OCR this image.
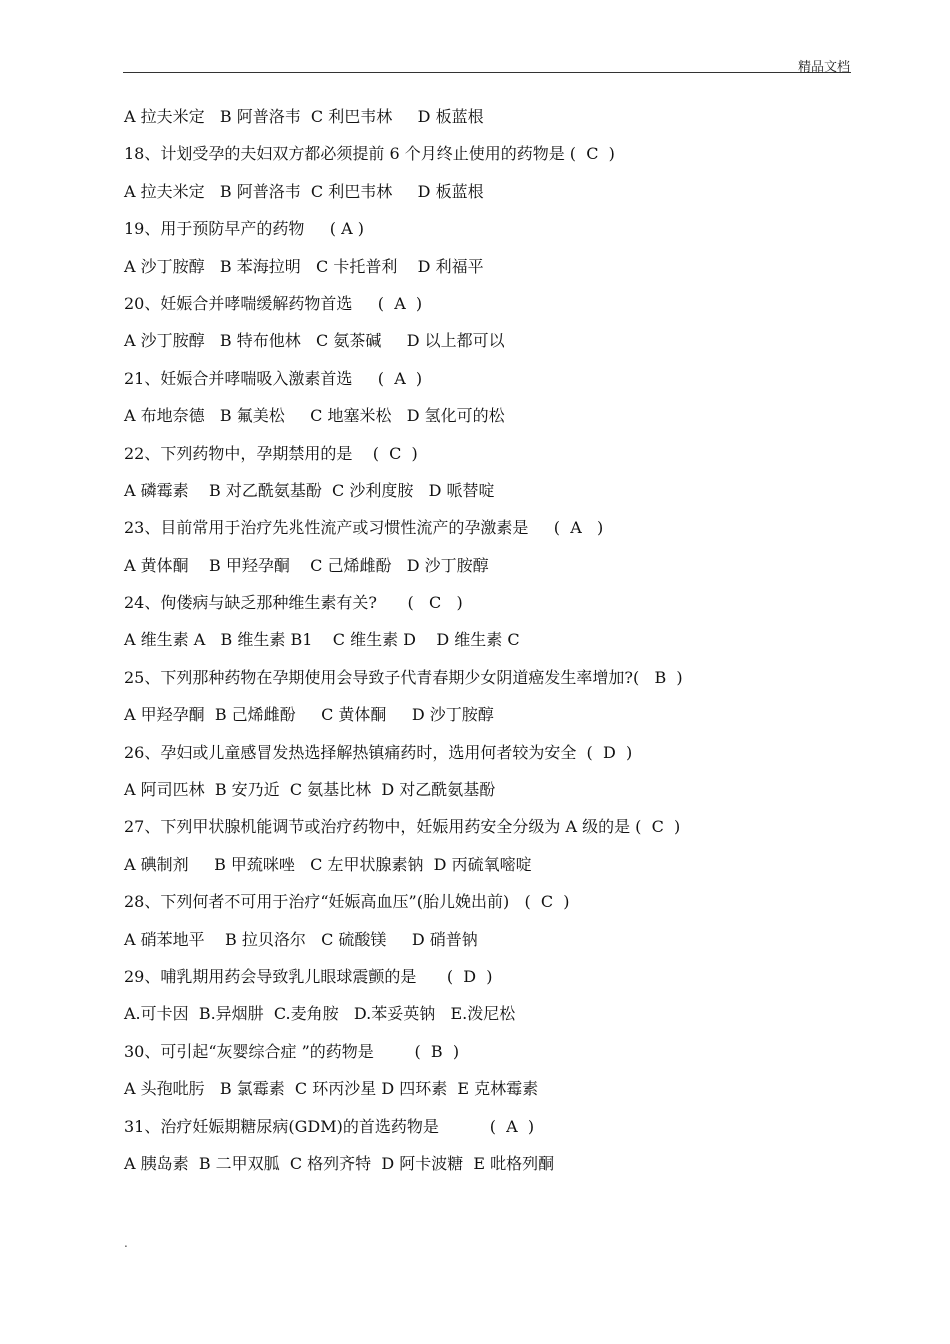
精品文档
A 拉夫米定   B 阿普洛韦  C 利巴韦林     D 板蓝根
18、计划受孕的夫妇双方都必须提前 6 个月终止使用的药物是 (  C  )
A 拉夫米定   B 阿普洛韦  C 利巴韦林     D 板蓝根
19、用于预防早产的药物     ( A )
A 沙丁胺醇   B 苯海拉明   C 卡托普利    D 利福平
20、妊娠合并哮喘缓解药物首选     (  A  )
A 沙丁胺醇   B 特布他林   C 氨茶碱     D 以上都可以
21、妊娠合并哮喘吸入激素首选     (  A  )
A 布地奈德   B 氟美松     C 地塞米松   D 氢化可的松
22、下列药物中，孕期禁用的是    (  C  )
A 磷霉素    B 对乙酰氨基酚  C 沙利度胺   D 哌替啶
23、目前常用于治疗先兆性流产或习惯性流产的孕激素是     (  A   )
A 黄体酮    B 甲羟孕酮    C 己烯雌酚   D 沙丁胺醇
24、佝偻病与缺乏那种维生素有关?      (   C   )
A 维生素 A   B 维生素 B1    C 维生素 D    D 维生素 C
25、下列那种药物在孕期使用会导致子代青春期少女阴道癌发生率增加?(   B  )
A 甲羟孕酮  B 己烯雌酚     C 黄体酮     D 沙丁胺醇
26、孕妇或儿童感冒发热选择解热镇痛药时，选用何者较为安全  (  D  )
A 阿司匹林  B 安乃近  C 氨基比林  D 对乙酰氨基酚
27、下列甲状腺机能调节或治疗药物中，妊娠用药安全分级为 A 级的是 (  C  )
A 碘制剂     B 甲巯咪唑   C 左甲状腺素钠  D 丙硫氧嘧啶
28、下列何者不可用于治疗“妊娠高血压”(胎儿娩出前)   (  C  )
A 硝苯地平    B 拉贝洛尔   C 硫酸镁     D 硝普钠
29、哺乳期用药会导致乳儿眼球震颤的是      (  D  )
A.可卡因  B.异烟肼  C.麦角胺   D.苯妥英钠   E.泼尼松
30、可引起“灰婴综合症 ”的药物是        (  B  )
A 头孢吡肟   B 氯霉素  C 环丙沙星 D 四环素  E 克林霉素
31、治疗妊娠期糖尿病(GDM)的首选药物是          (  A  )
A 胰岛素  B 二甲双胍  C 格列齐特  D 阿卡波糖  E 吡格列酮
.
